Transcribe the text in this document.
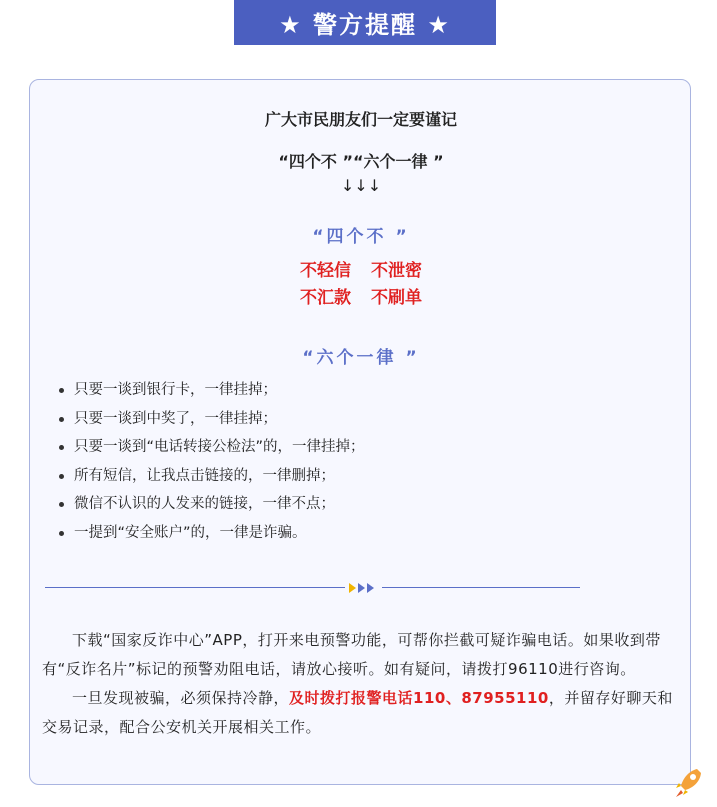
★ 警方提醒 ★
广大市民朋友们一定要谨记
“四个不 ”“六个一律 ”
↓↓↓
“四个不 ”
不轻信 不泄密
不汇款 不刷单
“六个一律 ”
只要一谈到银行卡，一律挂掉；
只要一谈到中奖了，一律挂掉；
只要一谈到“电话转接公检法”的，一律挂掉；
所有短信，让我点击链接的，一律删掉；
微信不认识的人发来的链接，一律不点；
一提到“安全账户”的，一律是诈骗。

下载“国家反诈中心”APP，打开来电预警功能，可帮你拦截可疑诈骗电话。如果收到带有“反诈名片”标记的预警劝阻电话，请放心接听。如有疑问，请拨打96110进行咨询。

一旦发现被骗，必须保持冷静，及时拨打报警电话110、87955110，并留存好聊天和交易记录，配合公安机关开展相关工作。
